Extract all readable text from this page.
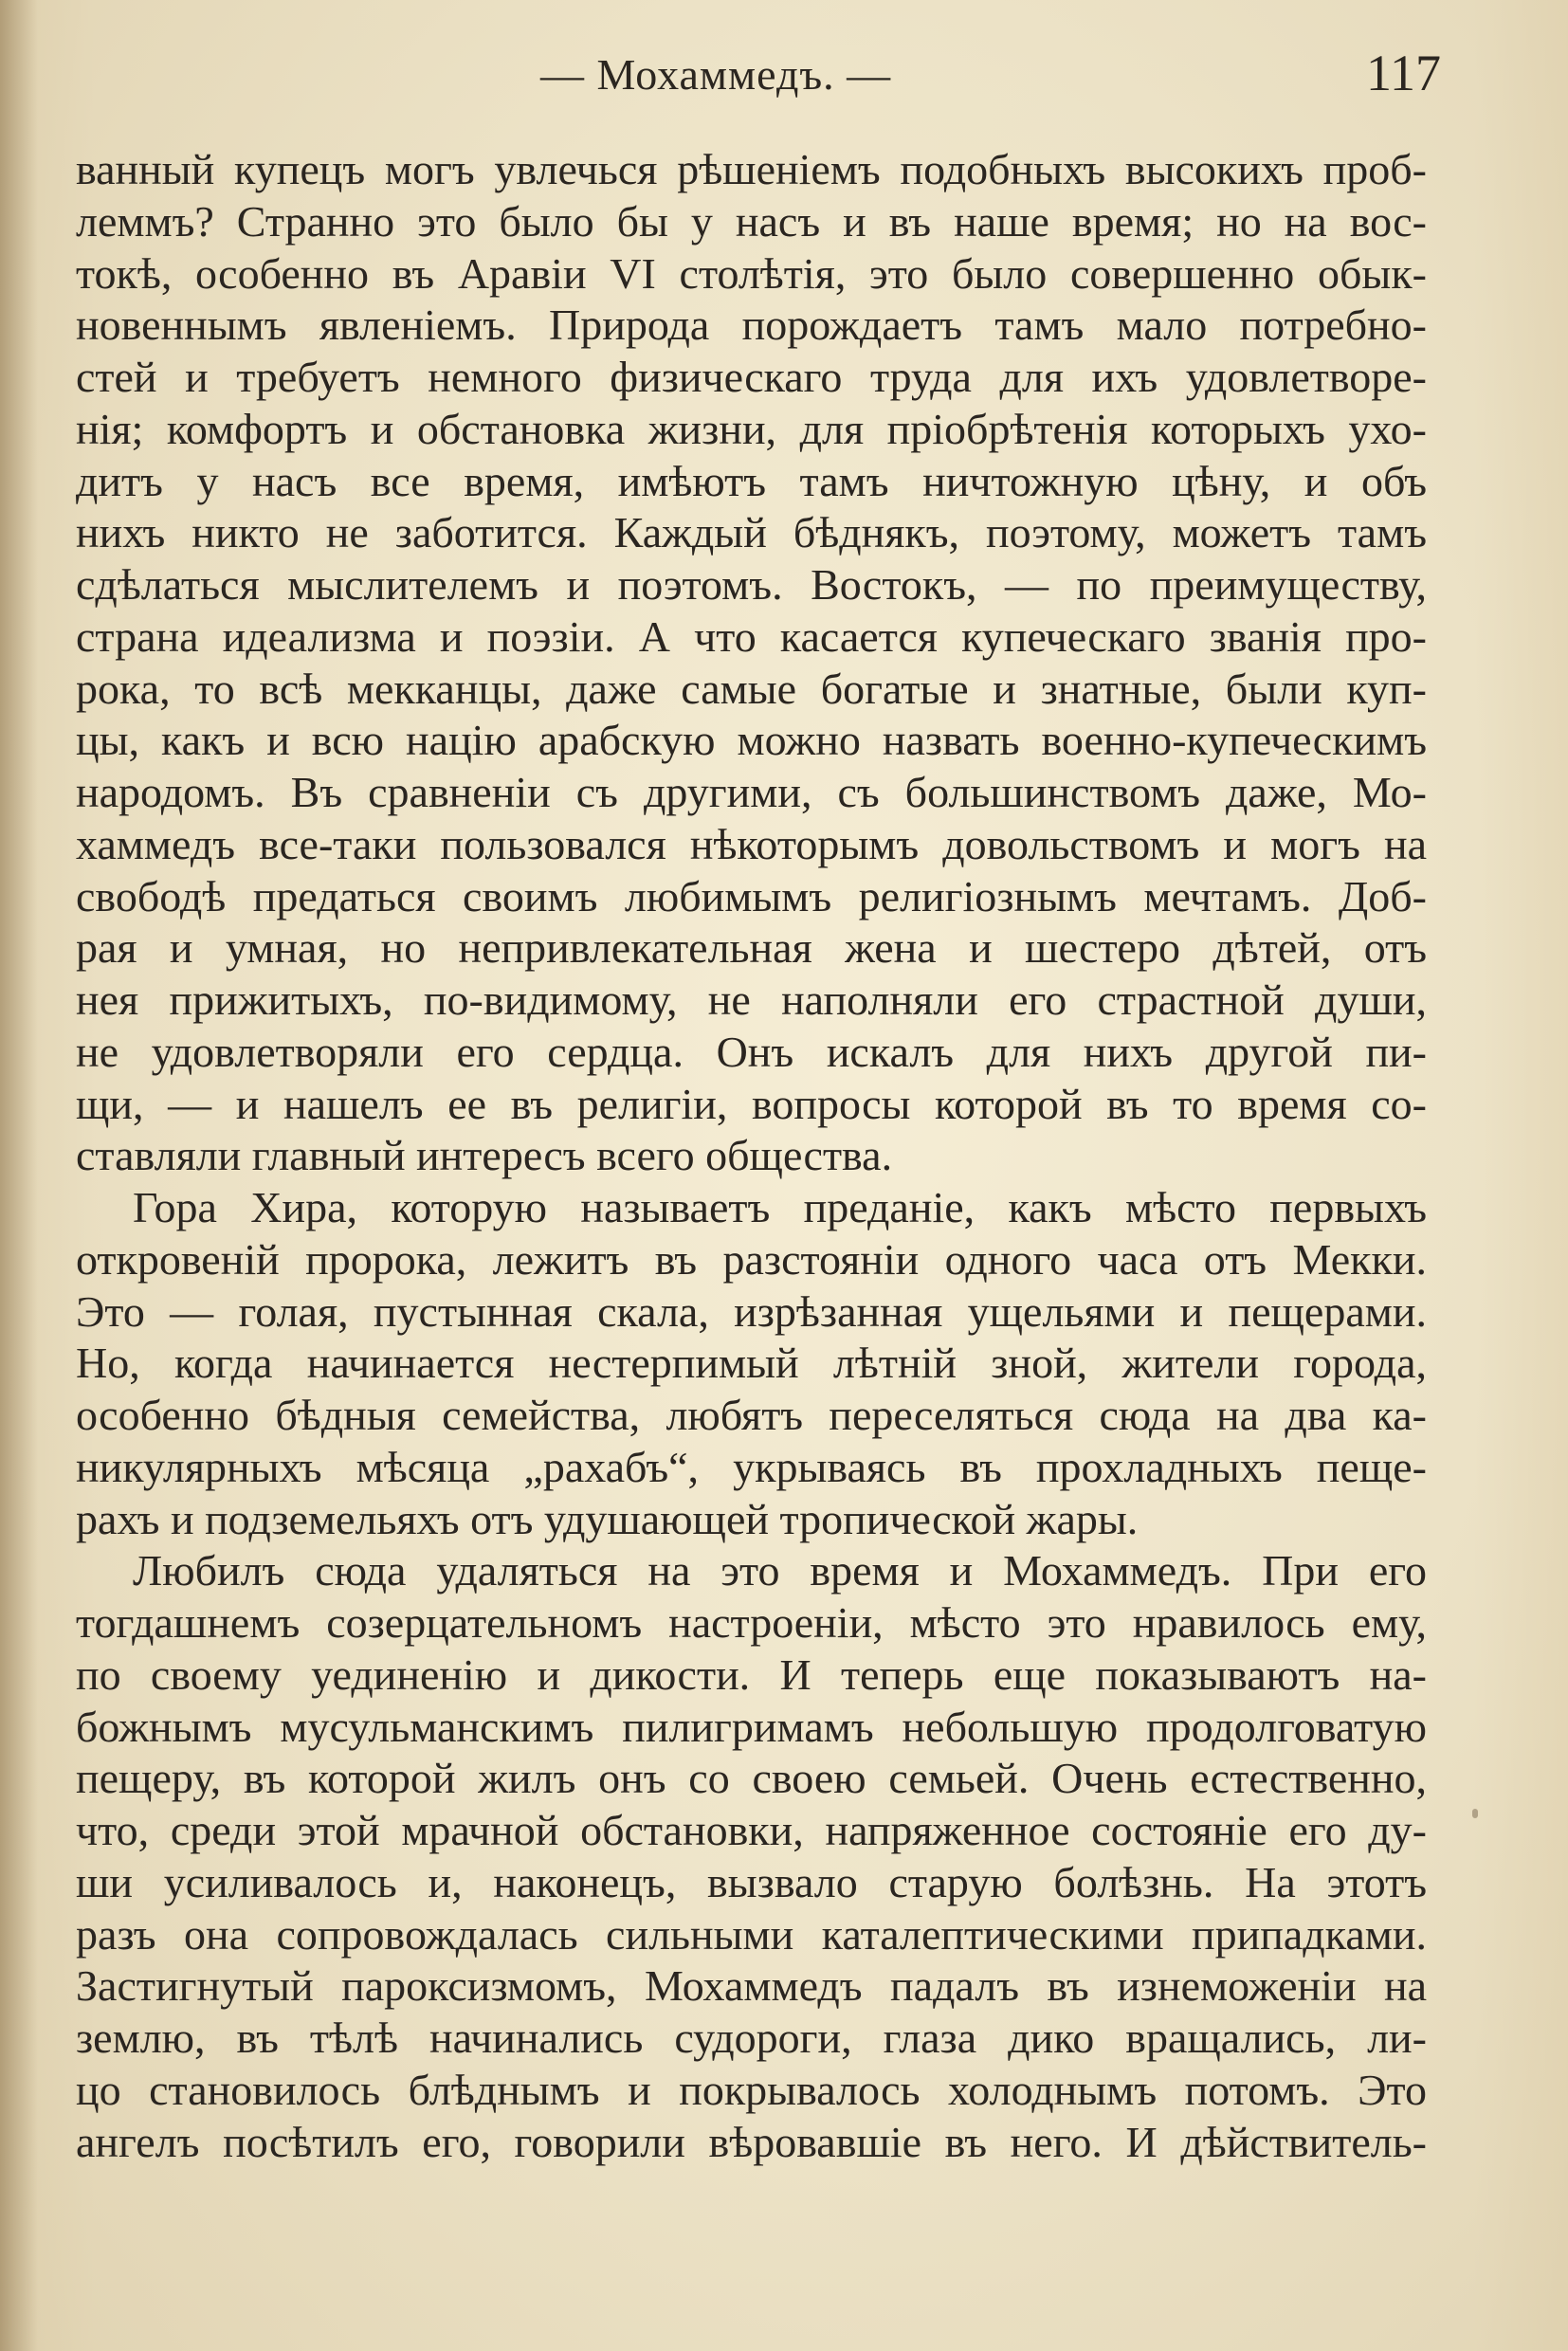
— Мохаммедъ. —	117
ванный купецъ могъ увлечься рѣшеніемъ подобныхъ высокихъ проб-
леммъ? Странно это было бы у насъ и въ наше время; но на вос-
токѣ, особенно въ Аравіи VI столѣтія, это было совершенно обык-
новеннымъ явленіемъ. Природа порождаетъ тамъ мало потребно-
стей и требуетъ немного физическаго труда для ихъ удовлетворе-
нія; комфортъ и обстановка жизни, для пріобрѣтенія которыхъ ухо-
дитъ у насъ все время, имѣютъ тамъ ничтожную цѣну, и объ
нихъ никто не заботится. Каждый бѣднякъ, поэтому, можетъ тамъ
сдѣлаться мыслителемъ и поэтомъ. Востокъ, — по преимуществу,
страна идеализма и поэзіи. А что касается купеческаго званія про-
рока, то всѣ мекканцы, даже самые богатые и знатные, были куп-
цы, какъ и всю націю арабскую можно назвать военно-купеческимъ
народомъ. Въ сравненіи съ другими, съ большинствомъ даже, Мо-
хаммедъ все-таки пользовался нѣкоторымъ довольствомъ и могъ на
свободѣ предаться своимъ любимымъ религіознымъ мечтамъ. Доб-
рая и умная, но непривлекательная жена и шестеро дѣтей, отъ
нея прижитыхъ, по-видимому, не наполняли его страстной души,
не удовлетворяли его сердца. Онъ искалъ для нихъ другой пи-
щи, — и нашелъ ее въ религіи, вопросы которой въ то время со-
ставляли главный интересъ всего общества.
Гора Хира, которую называетъ преданіе, какъ мѣсто первыхъ
откровеній пророка, лежитъ въ разстояніи одного часа отъ Мекки.
Это — голая, пустынная скала, изрѣзанная ущельями и пещерами.
Но, когда начинается нестерпимый лѣтній зной, жители города,
особенно бѣдныя семейства, любятъ переселяться сюда на два ка-
никулярныхъ мѣсяца „рахабъ“, укрываясь въ прохладныхъ пеще-
рахъ и подземельяхъ отъ удушающей тропической жары.
Любилъ сюда удаляться на это время и Мохаммедъ. При его
тогдашнемъ созерцательномъ настроеніи, мѣсто это нравилось ему,
по своему уединенію и дикости. И теперь еще показываютъ на-
божнымъ мусульманскимъ пилигримамъ небольшую продолговатую
пещеру, въ которой жилъ онъ со своею семьей. Очень естественно,
что, среди этой мрачной обстановки, напряженное состояніе его ду-
ши усиливалось и, наконецъ, вызвало старую болѣзнь. На этотъ
разъ она сопровождалась сильными каталептическими припадками.
Застигнутый пароксизмомъ, Мохаммедъ падалъ въ изнеможеніи на
землю, въ тѣлѣ начинались судороги, глаза дико вращались, ли-
цо становилось блѣднымъ и покрывалось холоднымъ потомъ. Это
ангелъ посѣтилъ его, говорили вѣровавшіе въ него. И дѣйствитель-
